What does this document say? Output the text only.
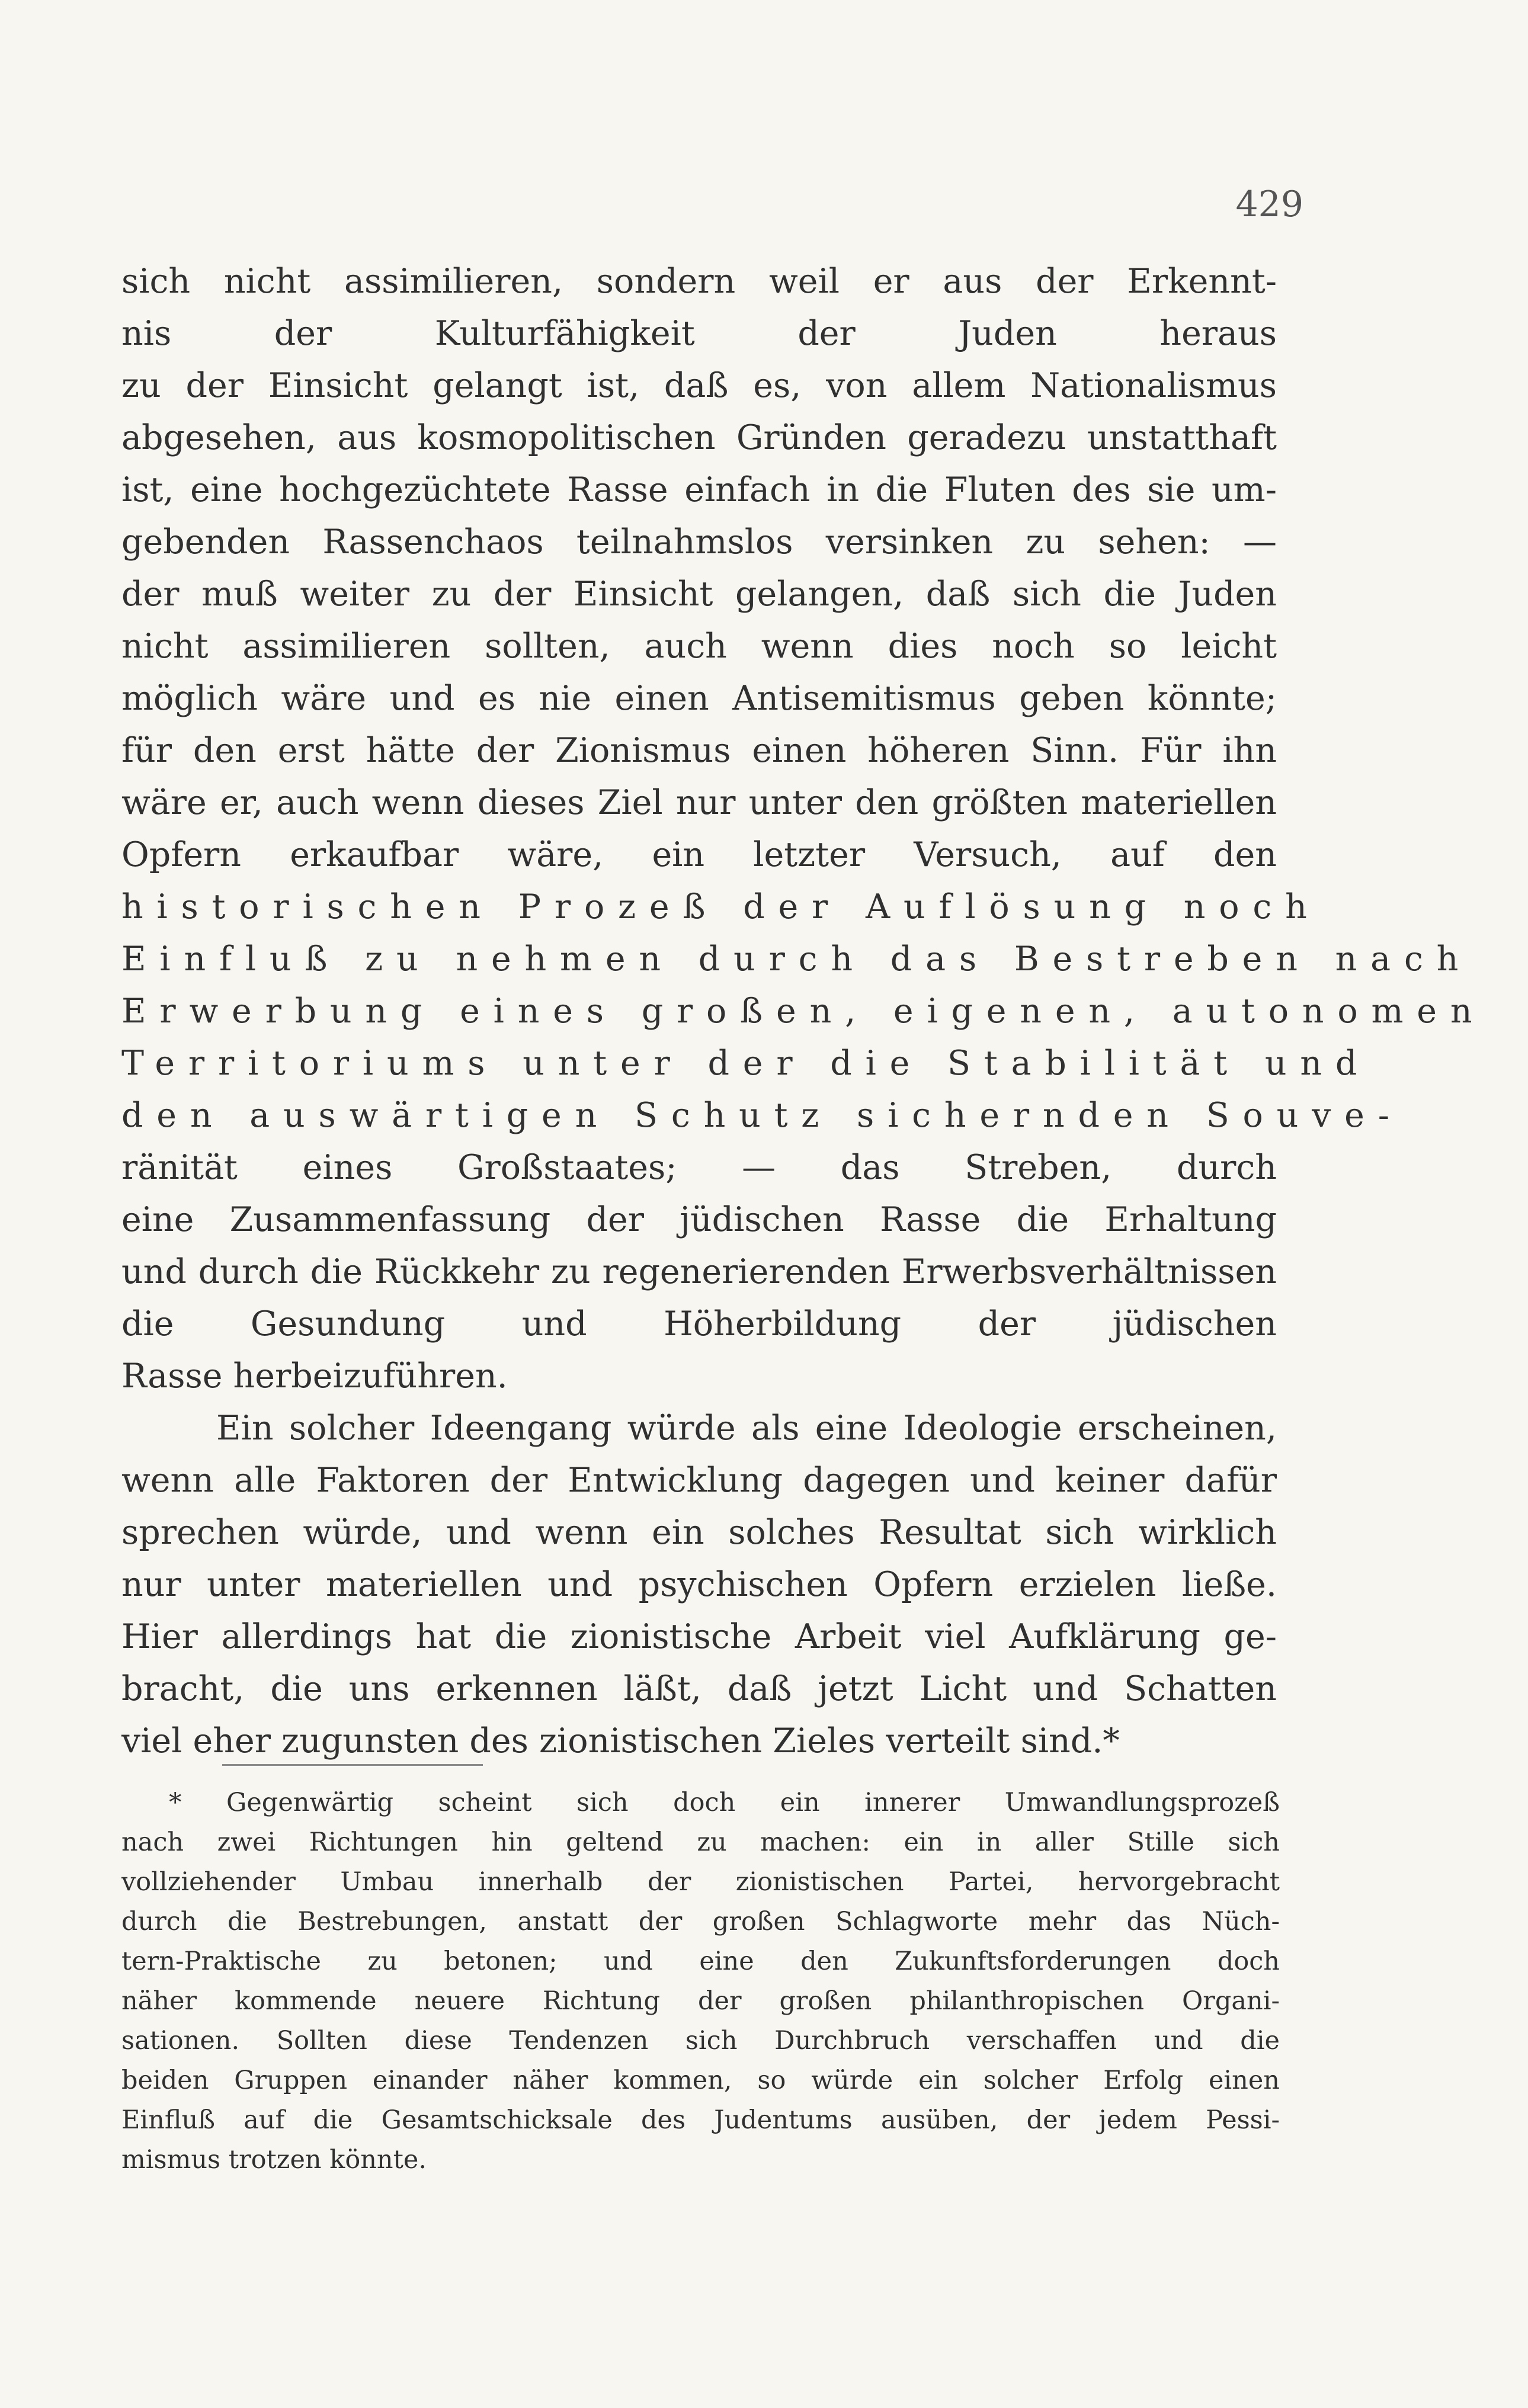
429
sich nicht assimilieren, sondern weil er aus der Erkennt-
nis der Kulturfähigkeit der Juden heraus
zu der Einsicht gelangt ist, daß es, von allem Nationalismus
abgesehen, aus kosmopolitischen Gründen geradezu unstatthaft
ist, eine hochgezüchtete Rasse einfach in die Fluten des sie um-
gebenden Rassenchaos teilnahmslos versinken zu sehen: —
der muß weiter zu der Einsicht gelangen, daß sich die Juden
nicht assimilieren sollten, auch wenn dies noch so leicht
möglich wäre und es nie einen Antisemitismus geben könnte;
für den erst hätte der Zionismus einen höheren Sinn. Für ihn
wäre er, auch wenn dieses Ziel nur unter den größten materiellen
Opfern erkaufbar wäre, ein letzter Versuch, auf den
historischen Prozeß der Auflösung noch
Einfluß zu nehmen durch das Bestreben nach
Erwerbung eines großen, eigenen, autonomen
Territoriums unter der die Stabilität und
den auswärtigen Schutz sichernden Souve-
ränität eines Großstaates; — das Streben, durch
eine Zusammenfassung der jüdischen Rasse die Erhaltung
und durch die Rückkehr zu regenerierenden Erwerbsverhältnissen
die Gesundung und Höherbildung der jüdischen
Rasse herbeizuführen.
Ein solcher Ideengang würde als eine Ideologie erscheinen,
wenn alle Faktoren der Entwicklung dagegen und keiner dafür
sprechen würde, und wenn ein solches Resultat sich wirklich
nur unter materiellen und psychischen Opfern erzielen ließe.
Hier allerdings hat die zionistische Arbeit viel Aufklärung ge-
bracht, die uns erkennen läßt, daß jetzt Licht und Schatten
viel eher zugunsten des zionistischen Zieles verteilt sind.*
* Gegenwärtig scheint sich doch ein innerer Umwandlungsprozeß
nach zwei Richtungen hin geltend zu machen: ein in aller Stille sich
vollziehender Umbau innerhalb der zionistischen Partei, hervorgebracht
durch die Bestrebungen, anstatt der großen Schlagworte mehr das Nüch-
tern-Praktische zu betonen; und eine den Zukunftsforderungen doch
näher kommende neuere Richtung der großen philanthropischen Organi-
sationen. Sollten diese Tendenzen sich Durchbruch verschaffen und die
beiden Gruppen einander näher kommen, so würde ein solcher Erfolg einen
Einfluß auf die Gesamtschicksale des Judentums ausüben, der jedem Pessi-
mismus trotzen könnte.
